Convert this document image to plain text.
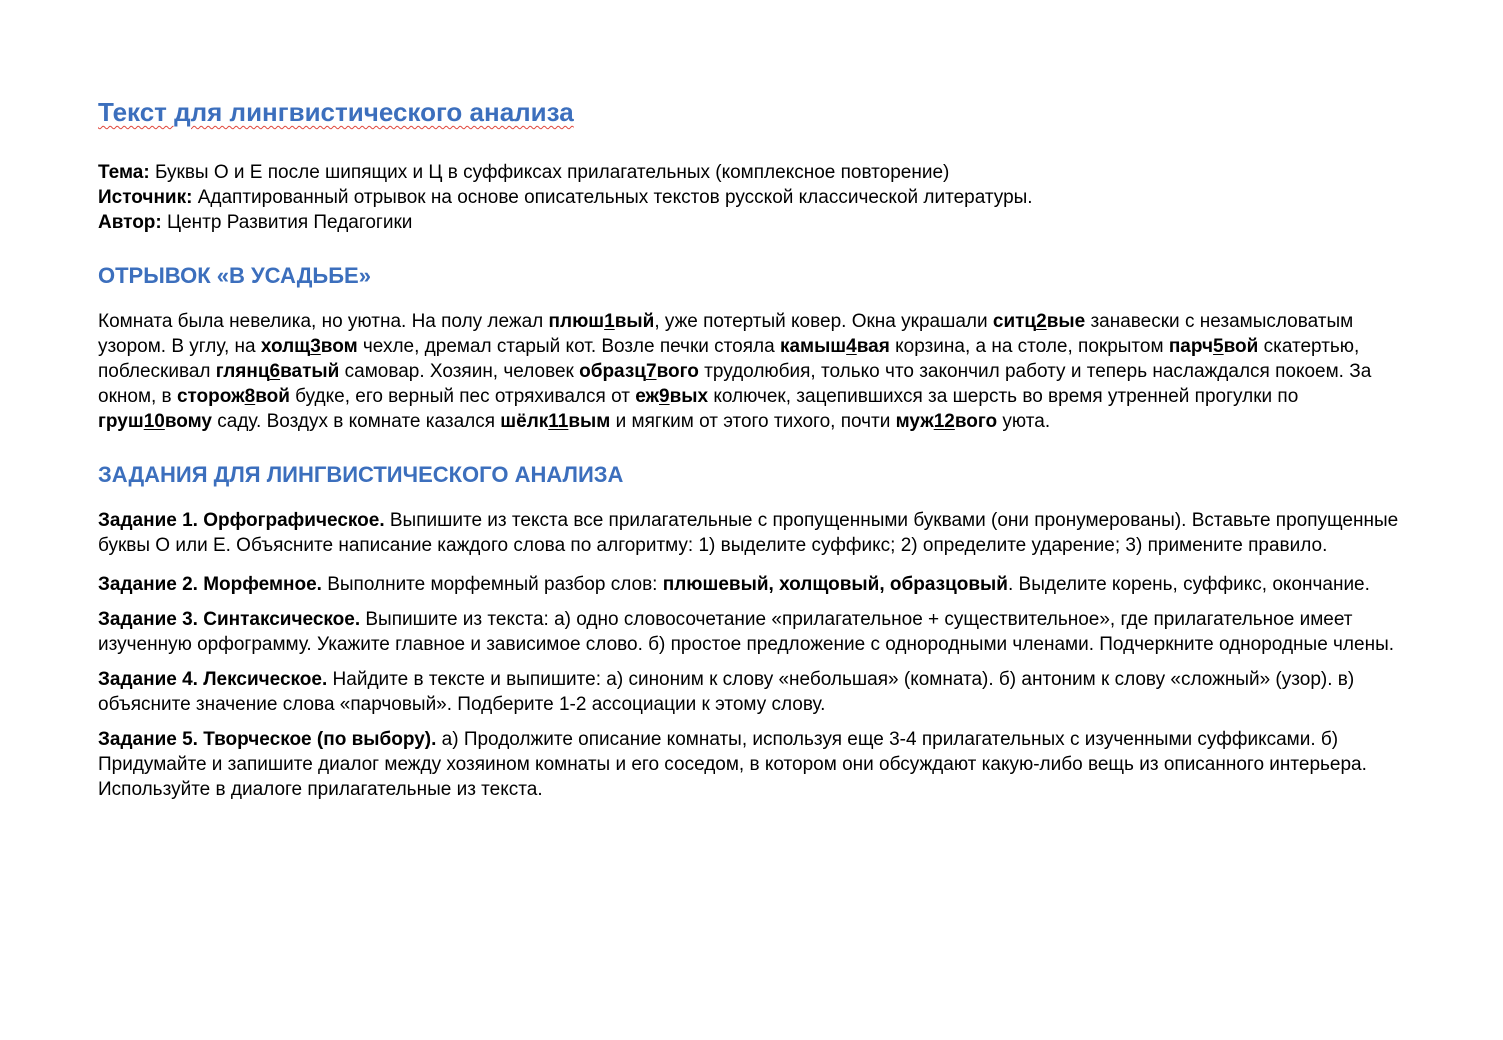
Текст для лингвистического анализа
Тема: Буквы О и Е после шипящих и Ц в суффиксах прилагательных (комплексное повторение)
Источник: Адаптированный отрывок на основе описательных текстов русской классической литературы.
Автор: Центр Развития Педагогики
ОТРЫВОК «В УСАДЬБЕ»

Комната была невелика, но уютна. На полу лежал плюш1вый, уже потертый ковер. Окна украшали ситц2вые занавески с незамысловатым узором. В углу, на холщ3вом чехле, дремал старый кот. Возле печки стояла камыш4вая корзина, а на столе, покрытом парч5вой скатертью, поблескивал глянц6ватый самовар. Хозяин, человек образц7вого трудолюбия, только что закончил работу и теперь наслаждался покоем. За окном, в сторож8вой будке, его верный пес отряхивался от еж9вых колючек, зацепившихся за шерсть во время утренней прогулки по груш10вому саду. Воздух в комнате казался шёлк11вым и мягким от этого тихого, почти муж12вого уюта.

ЗАДАНИЯ ДЛЯ ЛИНГВИСТИЧЕСКОГО АНАЛИЗА

Задание 1. Орфографическое. Выпишите из текста все прилагательные с пропущенными буквами (они пронумерованы). Вставьте пропущенные буквы О или Е. Объясните написание каждого слова по алгоритму: 1) выделите суффикс; 2) определите ударение; 3) примените правило.

Задание 2. Морфемное. Выполните морфемный разбор слов: плюшевый, холщовый, образцовый. Выделите корень, суффикс, окончание.

Задание 3. Синтаксическое. Выпишите из текста: а) одно словосочетание «прилагательное + существительное», где прилагательное имеет изученную орфограмму. Укажите главное и зависимое слово. б) простое предложение с однородными членами. Подчеркните однородные члены.

Задание 4. Лексическое. Найдите в тексте и выпишите: а) синоним к слову «небольшая» (комната). б) антоним к слову «сложный» (узор). в) объясните значение слова «парчовый». Подберите 1-2 ассоциации к этому слову.

Задание 5. Творческое (по выбору). а) Продолжите описание комнаты, используя еще 3-4 прилагательных с изученными суффиксами. б) Придумайте и запишите диалог между хозяином комнаты и его соседом, в котором они обсуждают какую-либо вещь из описанного интерьера. Используйте в диалоге прилагательные из текста.
